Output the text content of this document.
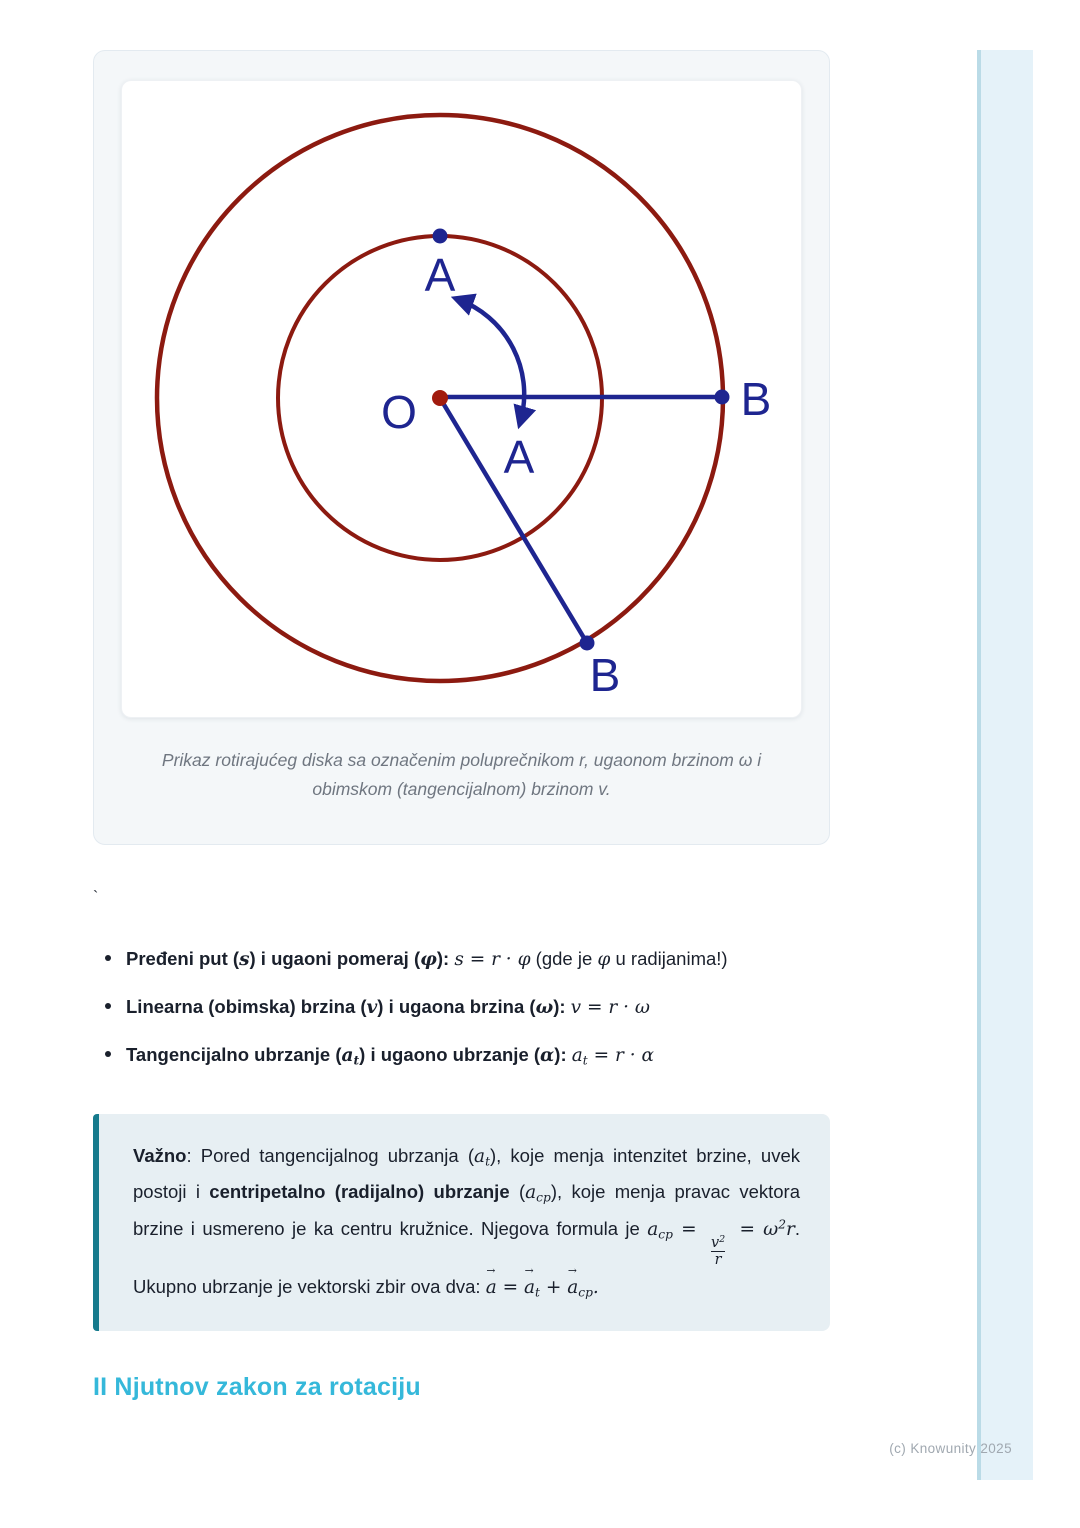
O
A
B
A
B
Prikaz rotirajućeg diska sa označenim poluprečnikom r, ugaonom brzinom ω i obimskom (tangencijalnom) brzinom v.
`
Pređeni put (s) i ugaoni pomeraj (φ): s = r · φ (gde je φ u radijanima!)
Linearna (obimska) brzina (v) i ugaona brzina (ω): v = r · ω
Tangencijalno ubrzanje $(a_t)$ i ugaono ubrzanje (α): $a_t = r \cdot \alpha$

Važno: Pored tangencijalnog ubrzanja $(a_t)$, koje menja intenzitet brzine, uvek postoji i centripetalno (radijalno) ubrzanje $(a_{cp})$, koje menja pravac vektora brzine i usmereno je ka centru kružnice. Njegova formula je $a_{cp}$ =
$\frac{v^2}{r}$
= $\omega^2r$. Ukupno ubrzanje je vektorski zbir ova dva: a → = $a \to_t + a \to_{cp}$.

II Njutnov zakon za rotaciju
(c) Knowunity 2025
